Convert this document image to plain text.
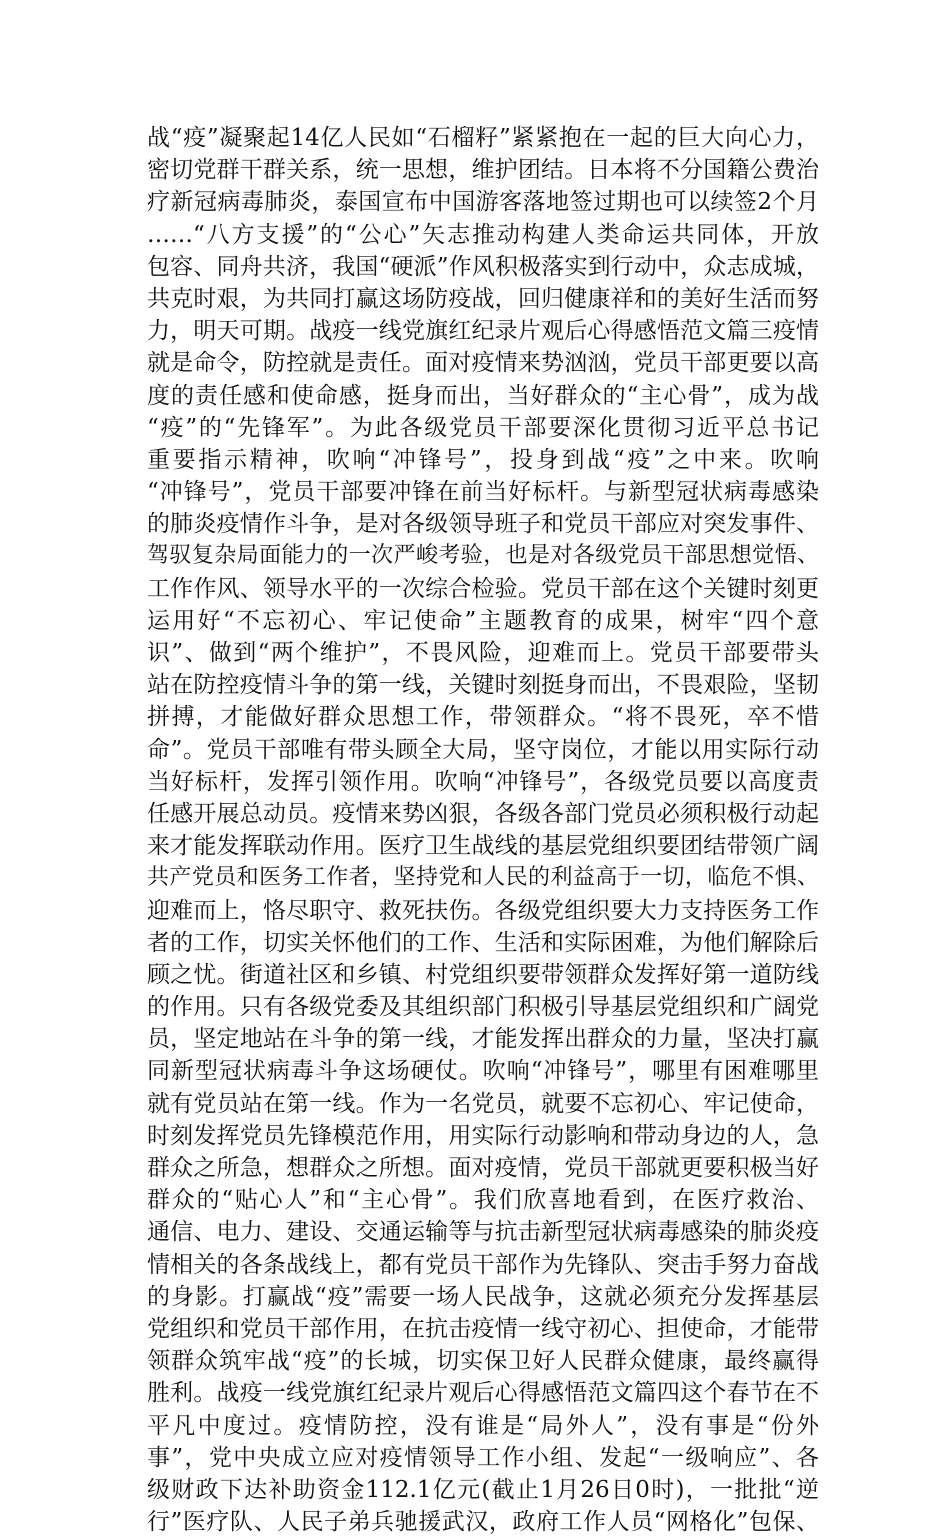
战“疫”凝聚起14亿人民如“石榴籽”紧紧抱在一起的巨大向心力，
密切党群干群关系，统一思想，维护团结。日本将不分国籍公费治
疗新冠病毒肺炎，泰国宣布中国游客落地签过期也可以续签2个月
……“八方支援”的“公心”矢志推动构建人类命运共同体，开放
包容、同舟共济，我国“硬派”作风积极落实到行动中，众志成城，
共克时艰，为共同打赢这场防疫战，回归健康祥和的美好生活而努
力，明天可期。战疫一线党旗红纪录片观后心得感悟范文篇三疫情
就是命令，防控就是责任。面对疫情来势汹汹，党员干部更要以高
度的责任感和使命感，挺身而出，当好群众的“主心骨”，成为战
“疫”的“先锋军”。为此各级党员干部要深化贯彻习近平总书记
重要指示精神，吹响“冲锋号”，投身到战“疫”之中来。吹响
“冲锋号”，党员干部要冲锋在前当好标杆。与新型冠状病毒感染
的肺炎疫情作斗争，是对各级领导班子和党员干部应对突发事件、
驾驭复杂局面能力的一次严峻考验，也是对各级党员干部思想觉悟、
工作作风、领导水平的一次综合检验。党员干部在这个关键时刻更
运用好“不忘初心、牢记使命”主题教育的成果，树牢“四个意
识”、做到“两个维护”，不畏风险，迎难而上。党员干部要带头
站在防控疫情斗争的第一线，关键时刻挺身而出，不畏艰险，坚韧
拼搏，才能做好群众思想工作，带领群众。“将不畏死，卒不惜
命”。党员干部唯有带头顾全大局，坚守岗位，才能以用实际行动
当好标杆，发挥引领作用。吹响“冲锋号”，各级党员要以高度责
任感开展总动员。疫情来势凶狠，各级各部门党员必须积极行动起
来才能发挥联动作用。医疗卫生战线的基层党组织要团结带领广阔
共产党员和医务工作者，坚持党和人民的利益高于一切，临危不惧、
迎难而上，恪尽职守、救死扶伤。各级党组织要大力支持医务工作
者的工作，切实关怀他们的工作、生活和实际困难，为他们解除后
顾之忧。街道社区和乡镇、村党组织要带领群众发挥好第一道防线
的作用。只有各级党委及其组织部门积极引导基层党组织和广阔党
员，坚定地站在斗争的第一线，才能发挥出群众的力量，坚决打赢
同新型冠状病毒斗争这场硬仗。吹响“冲锋号”，哪里有困难哪里
就有党员站在第一线。作为一名党员，就要不忘初心、牢记使命，
时刻发挥党员先锋模范作用，用实际行动影响和带动身边的人，急
群众之所急，想群众之所想。面对疫情，党员干部就更要积极当好
群众的“贴心人”和“主心骨”。我们欣喜地看到，在医疗救治、
通信、电力、建设、交通运输等与抗击新型冠状病毒感染的肺炎疫
情相关的各条战线上，都有党员干部作为先锋队、突击手努力奋战
的身影。打赢战“疫”需要一场人民战争，这就必须充分发挥基层
党组织和党员干部作用，在抗击疫情一线守初心、担使命，才能带
领群众筑牢战“疫”的长城，切实保卫好人民群众健康，最终赢得
胜利。战疫一线党旗红纪录片观后心得感悟范文篇四这个春节在不
平凡中度过。疫情防控，没有谁是“局外人”，没有事是“份外
事”，党中央成立应对疫情领导工作小组、发起“一级响应”、各
级财政下达补助资金112.1亿元(截止1月26日0时)，一批批“逆
行”医疗队、人民子弟兵驰援武汉，政府工作人员“网格化”包保、
